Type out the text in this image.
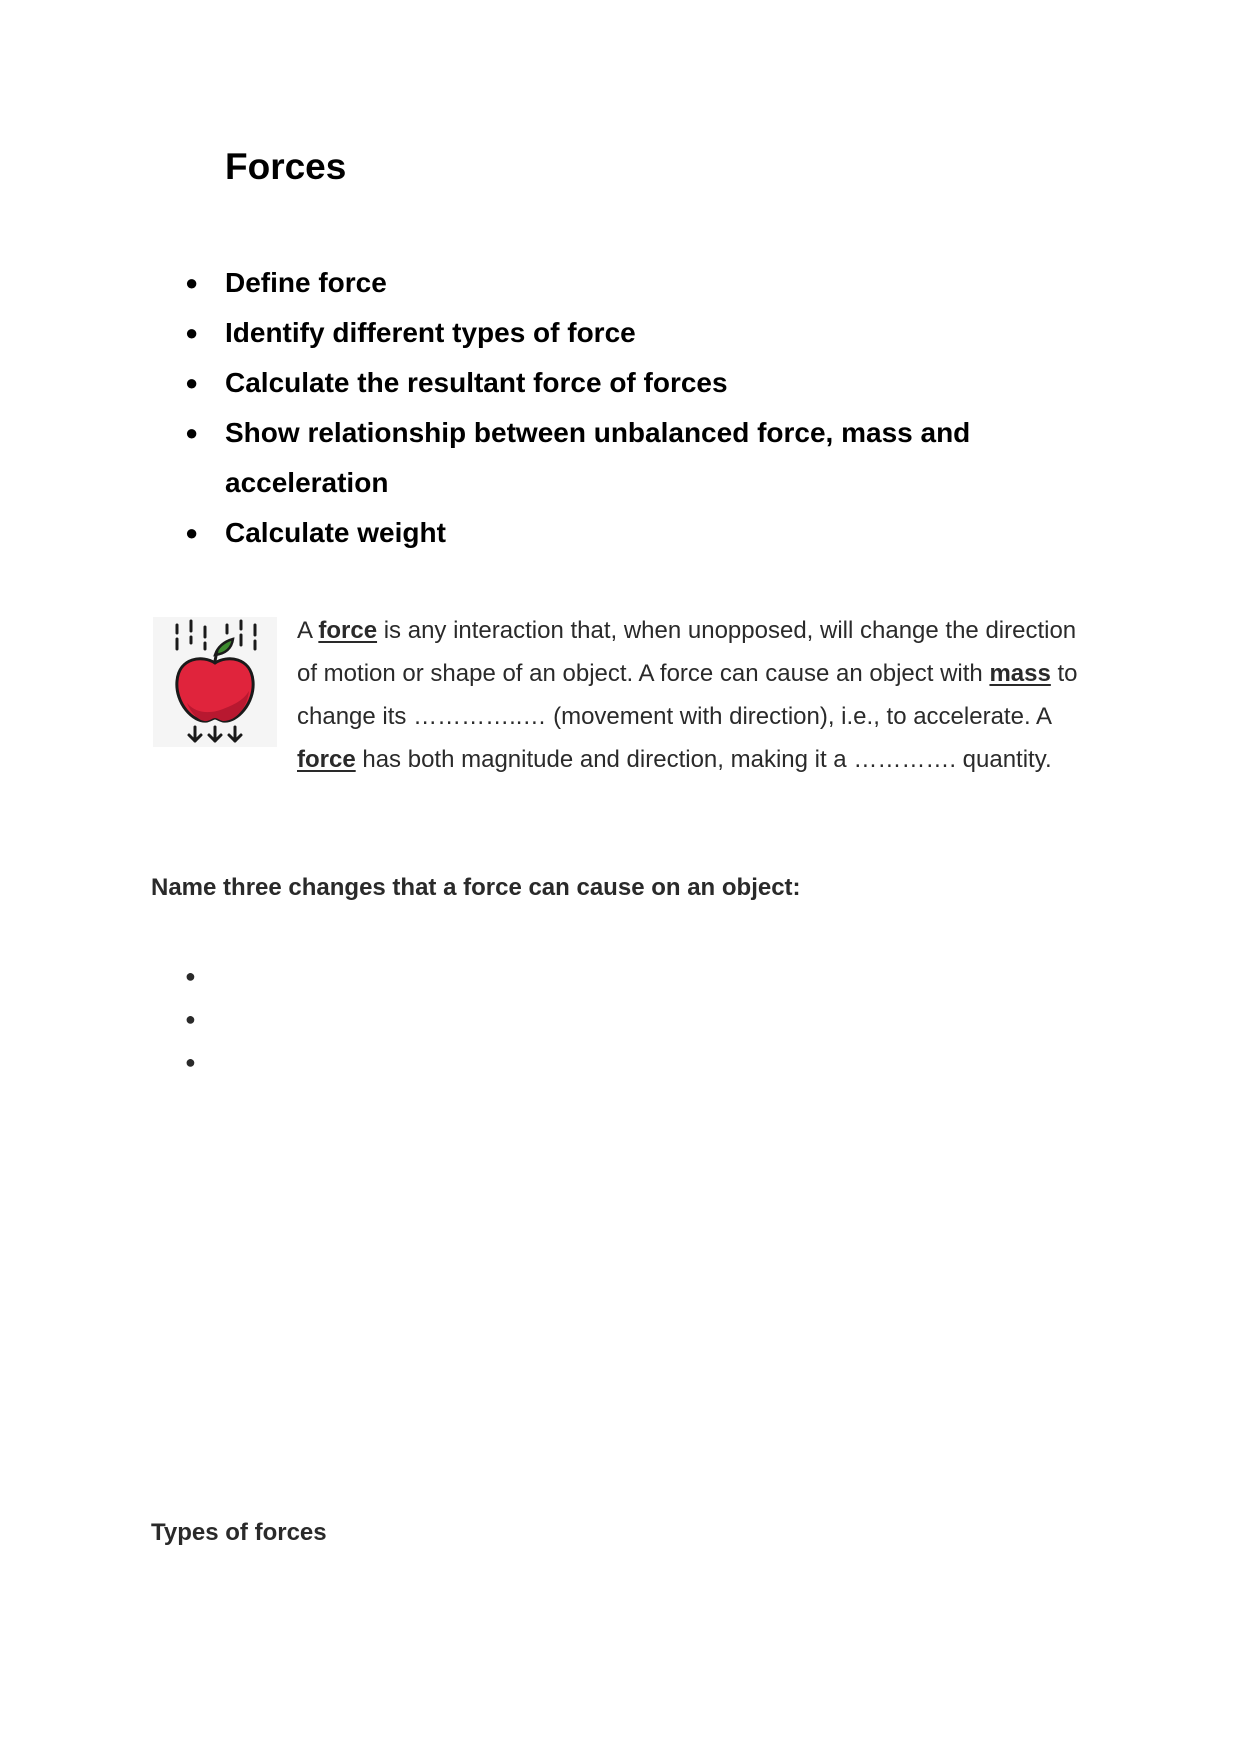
Forces
● Define force
● Identify different types of force
● Calculate the resultant force of forces
● Show relationship between unbalanced force, mass and acceleration
● Calculate weight

A force is any interaction that, when unopposed, will change the direction of motion or shape of an object. A force can cause an object with mass to change its …………..… (movement with direction), i.e., to accelerate. A force has both magnitude and direction, making it a …………. quantity.

Name three changes that a force can cause on an object:

●
●
●
Types of forces
